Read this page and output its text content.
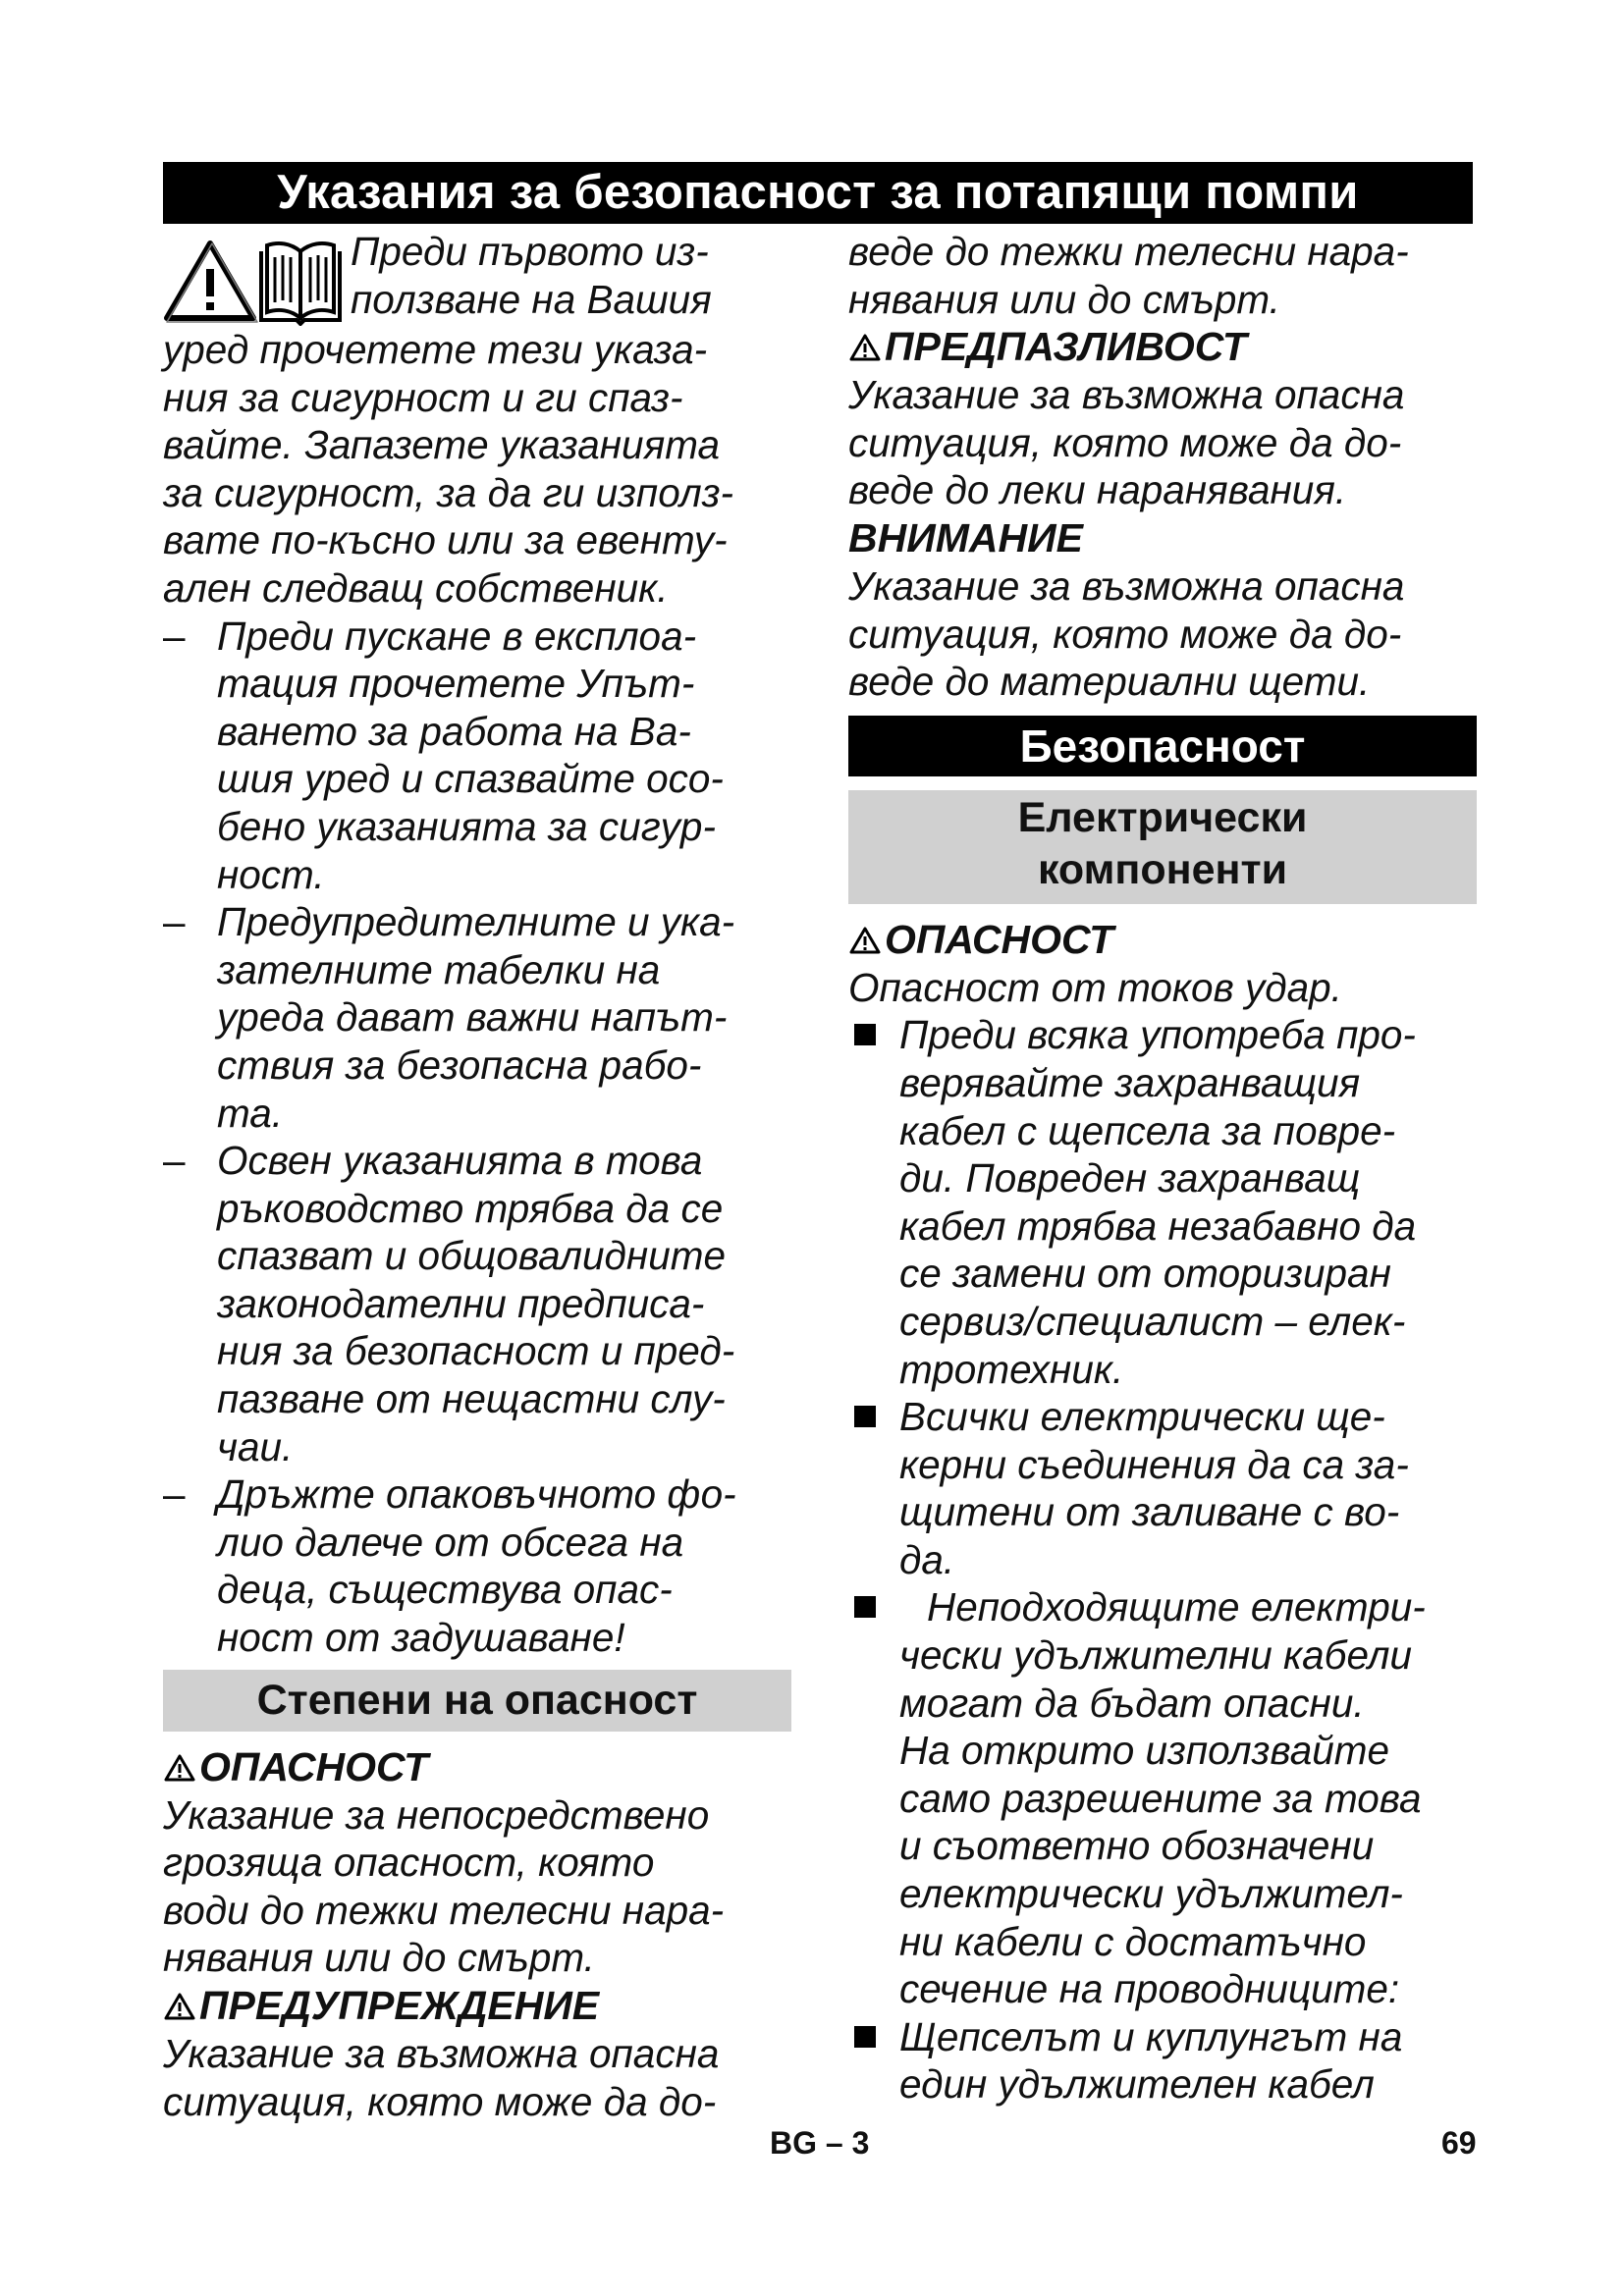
Указания за безопасност за потапящи помпи
Преди първото из-
ползване на Вашия
уред прочетете тези указа-
ния за сигурност и ги спаз-
вайте. Запазете указанията
за сигурност, за да ги използ-
вате по-късно или за евенту-
ален следващ собственик.
– Преди пускане в експлоа-
тация прочетете Упът-
ването за работа на Ва-
шия уред и спазвайте осо-
бено указанията за сигур-
ност.
– Предупредителните и ука-
зателните табелки на
уреда дават важни напът-
ствия за безопасна рабо-
та.
– Освен указанията в това
ръководство трябва да се
спазват и общовалидните
законодателни предписа-
ния за безопасност и пред-
пазване от нещастни слу-
чаи.
– Дръжте опаковъчното фо-
лио далече от обсега на
деца, съществува опас-
ност от задушаване!
Степени на опасност
ОПАСНОСТ
Указание за непосредствено
грозяща опасност, която
води до тежки телесни нара-
нявания или до смърт.
ПРЕДУПРЕЖДЕНИЕ
Указание за възможна опасна
ситуация, която може да до-
веде до тежки телесни нара-
нявания или до смърт.
ПРЕДПАЗЛИВОСТ
Указание за възможна опасна
ситуация, която може да до-
веде до леки наранявания.
ВНИМАНИЕ
Указание за възможна опасна
ситуация, която може да до-
веде до материални щети.
Безопасност
Електрически
компоненти
ОПАСНОСТ
Опасност от токов удар.
Преди всяка употреба про-
верявайте захранващия
кабел с щепсела за повре-
ди. Повреден захранващ
кабел трябва незабавно да
се замени от оторизиран
сервиз/специалист – елек-
тротехник.
Всички електрически ще-
керни съединения да са за-
щитени от заливане с во-
да.
Неподходящите електри-
чески удължителни кабели
могат да бъдат опасни.
На открито използвайте
само разрешените за това
и съответно обозначени
електрически удължител-
ни кабели с достатъчно
сечение на проводниците:
Щепселът и куплунгът на
един удължителен кабел
BG – 3	69
